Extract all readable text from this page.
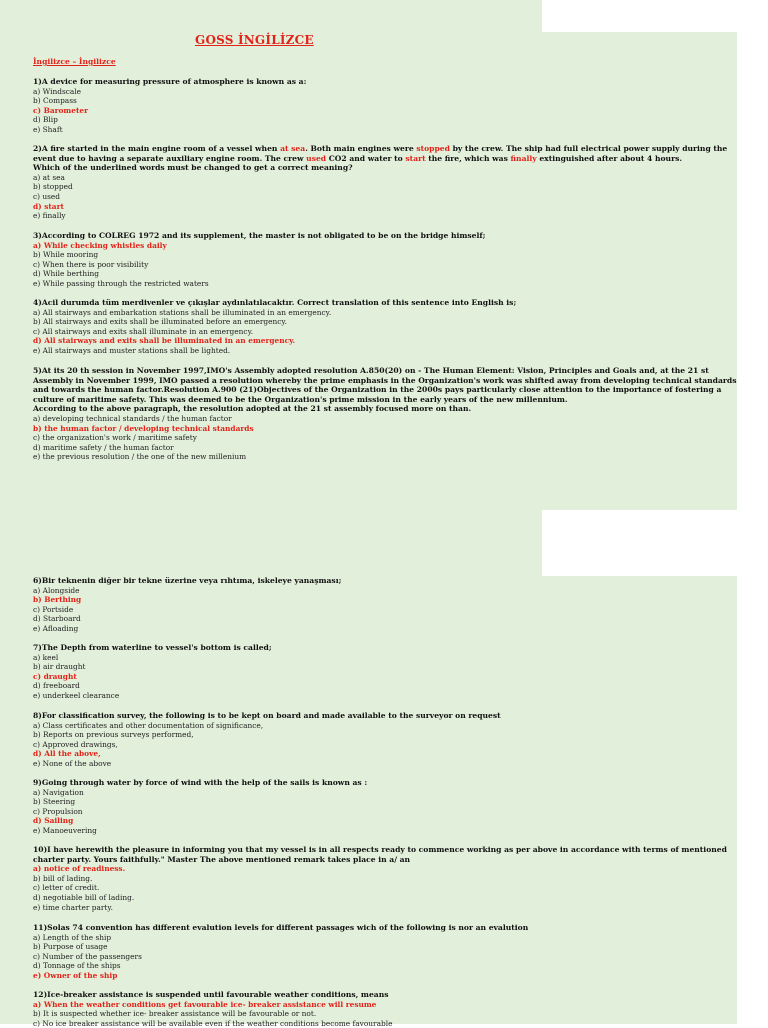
GOSS İNGİLİZCE
İngilizce – İngilizce
1)A device for measuring pressure of atmosphere is known as a:
a) Windscale
b) Compass
c) Barometer
d) Blip
e) Shaft
2)A fire started in the main engine room of a vessel when at sea. Both main engines were stopped by the crew. The ship had full electrical power supply during the event due to having a separate auxiliary engine room. The crew used CO2 and water to start the fire, which was finally extinguished after about 4 hours.
Which of the underlined words must be changed to get a correct meaning?
a) at sea
b) stopped
c) used
d) start
e) finally
3)According to COLREG 1972 and its supplement, the master is not obligated to be on the bridge himself;
a) While checking whistles daily
b) While mooring
c) When there is poor visibility
d) While berthing
e) While passing through the restricted waters
4)Acil durumda tüm merdivenler ve çıkışlar aydınlatılacaktır. Correct translation of this sentence into English is;
a) All stairways and embarkation stations shall be illuminated in an emergency.
b) All stairways and exits shall be illuminated before an emergency.
c) All stairways and exits shall illuminate in an emergency.
d) All stairways and exits shall be illuminated in an emergency.
e) All stairways and muster stations shall be lighted.
5)At its 20 th session in November 1997,IMO's Assembly adopted resolution A.850(20) on - The Human Element: Vision, Principles and Goals and, at the 21 st Assembly in November 1999, IMO passed a resolution whereby the prime emphasis in the Organization's work was shifted away from developing technical standards and towards the human factor.Resolution A.900 (21)Objectives of the Organization in the 2000s pays particularly close attention to the importance of fostering a culture of maritime safety. This was deemed to be the Organization's prime mission in the early years of the new millennium.
According to the above paragraph, the resolution adopted at the 21 st assembly focused more on than.
a) developing technical standards / the human factor
b) the human factor / developing technical standards
c) the organization's work / maritime safety
d) maritime safety / the human factor
e) the previous resolution / the one of the new millenium
6)Bir teknenin diğer bir tekne üzerine veya rıhtıma, iskeleye yanaşması;
a) Alongside
b) Berthing
c) Portside
d) Starboard
e) Afloading
7)The Depth from waterline to vessel's bottom is called;
a) keel
b) air draught
c) draught
d) freeboard
e) underkeel clearance
8)For classification survey, the following is to be kept on board and made available to the surveyor on request
a) Class certificates and other documentation of significance,
b) Reports on previous surveys performed,
c) Approved drawings,
d) All the above,
e) None of the above
9)Going through water by force of wind with the help of the sails is known as :
a) Navigation
b) Steering
c) Propulsion
d) Sailing
e) Manoeuvering
10)I have herewith the pleasure in informing you that my vessel is in all respects ready to commence working as per above in accordance with terms of mentioned charter party. Yours faithfully." Master The above mentioned remark takes place in a/ an
a) notice of readiness.
b) bill of lading.
c) letter of credit.
d) negotiable bill of lading.
e) time charter party.
11)Solas 74 convention has different evalution levels for different passages wich of the following is nor an evalution
a) Length of the ship
b) Purpose of usage
c) Number of the passengers
d) Tonnage of the ships
e) Owner of the ship
12)Ice-breaker assistance is suspended until favourable weather conditions, means
a) When the weather conditions get favourable ice- breaker assistance will resume
b) It is suspected whether ice- breaker assistance will be favourable or not.
c) No ice breaker assistance will be available even if the weather conditions become favourable
